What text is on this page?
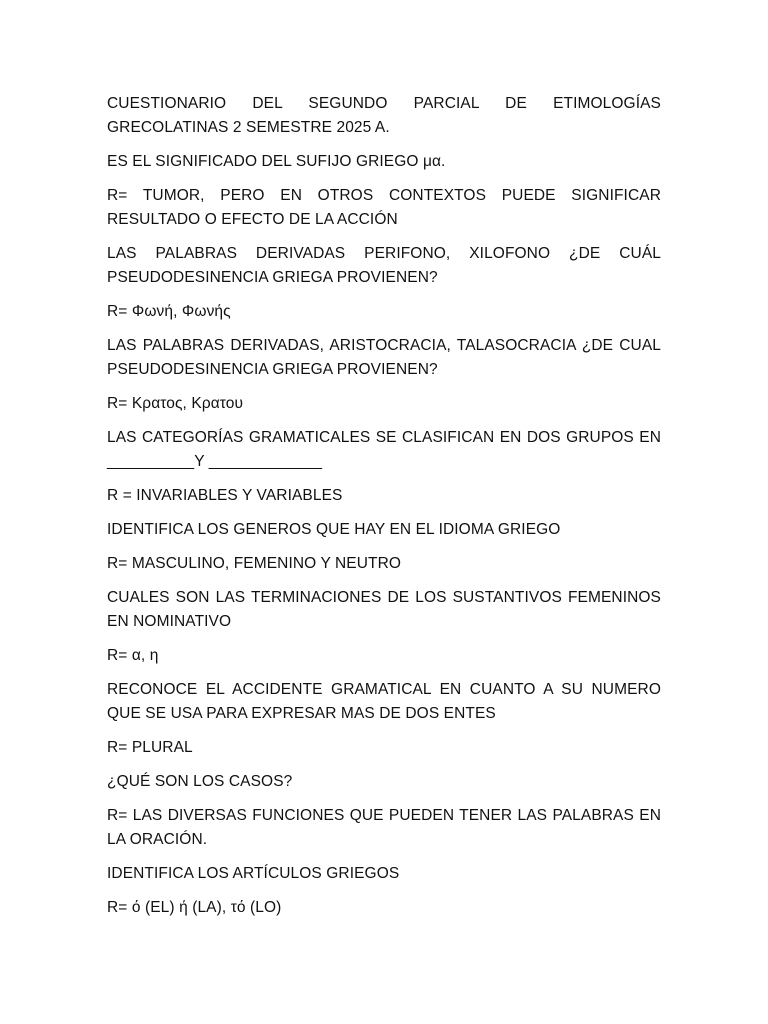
CUESTIONARIO DEL SEGUNDO PARCIAL DE ETIMOLOGÍAS GRECOLATINAS 2 SEMESTRE 2025 A.

ES EL SIGNIFICADO DEL SUFIJO GRIEGO μα.

R= TUMOR, PERO EN OTROS CONTEXTOS PUEDE SIGNIFICAR RESULTADO O EFECTO DE LA ACCIÓN

LAS PALABRAS DERIVADAS PERIFONO, XILOFONO ¿DE CUÁL PSEUDODESINENCIA GRIEGA PROVIENEN?

R= Φωνή, Φωνής

LAS PALABRAS DERIVADAS, ARISTOCRACIA, TALASOCRACIA ¿DE CUAL PSEUDODESINENCIA GRIEGA PROVIENEN?

R= Κρατος, Κρατου

LAS CATEGORÍAS GRAMATICALES SE CLASIFICAN EN DOS GRUPOS EN __________Y _____________

R = INVARIABLES Y VARIABLES

IDENTIFICA LOS GENEROS QUE HAY EN EL IDIOMA GRIEGO

R= MASCULINO, FEMENINO Y NEUTRO

CUALES SON LAS TERMINACIONES DE LOS SUSTANTIVOS FEMENINOS EN NOMINATIVO

R= α, η

RECONOCE EL ACCIDENTE GRAMATICAL EN CUANTO A SU NUMERO QUE SE USA PARA EXPRESAR MAS DE DOS ENTES

R= PLURAL

¿QUÉ SON LOS CASOS?

R= LAS DIVERSAS FUNCIONES QUE PUEDEN TENER LAS PALABRAS EN LA ORACIÓN.

IDENTIFICA LOS ARTÍCULOS GRIEGOS

R= ό (EL) ή (LA), τό (LO)
